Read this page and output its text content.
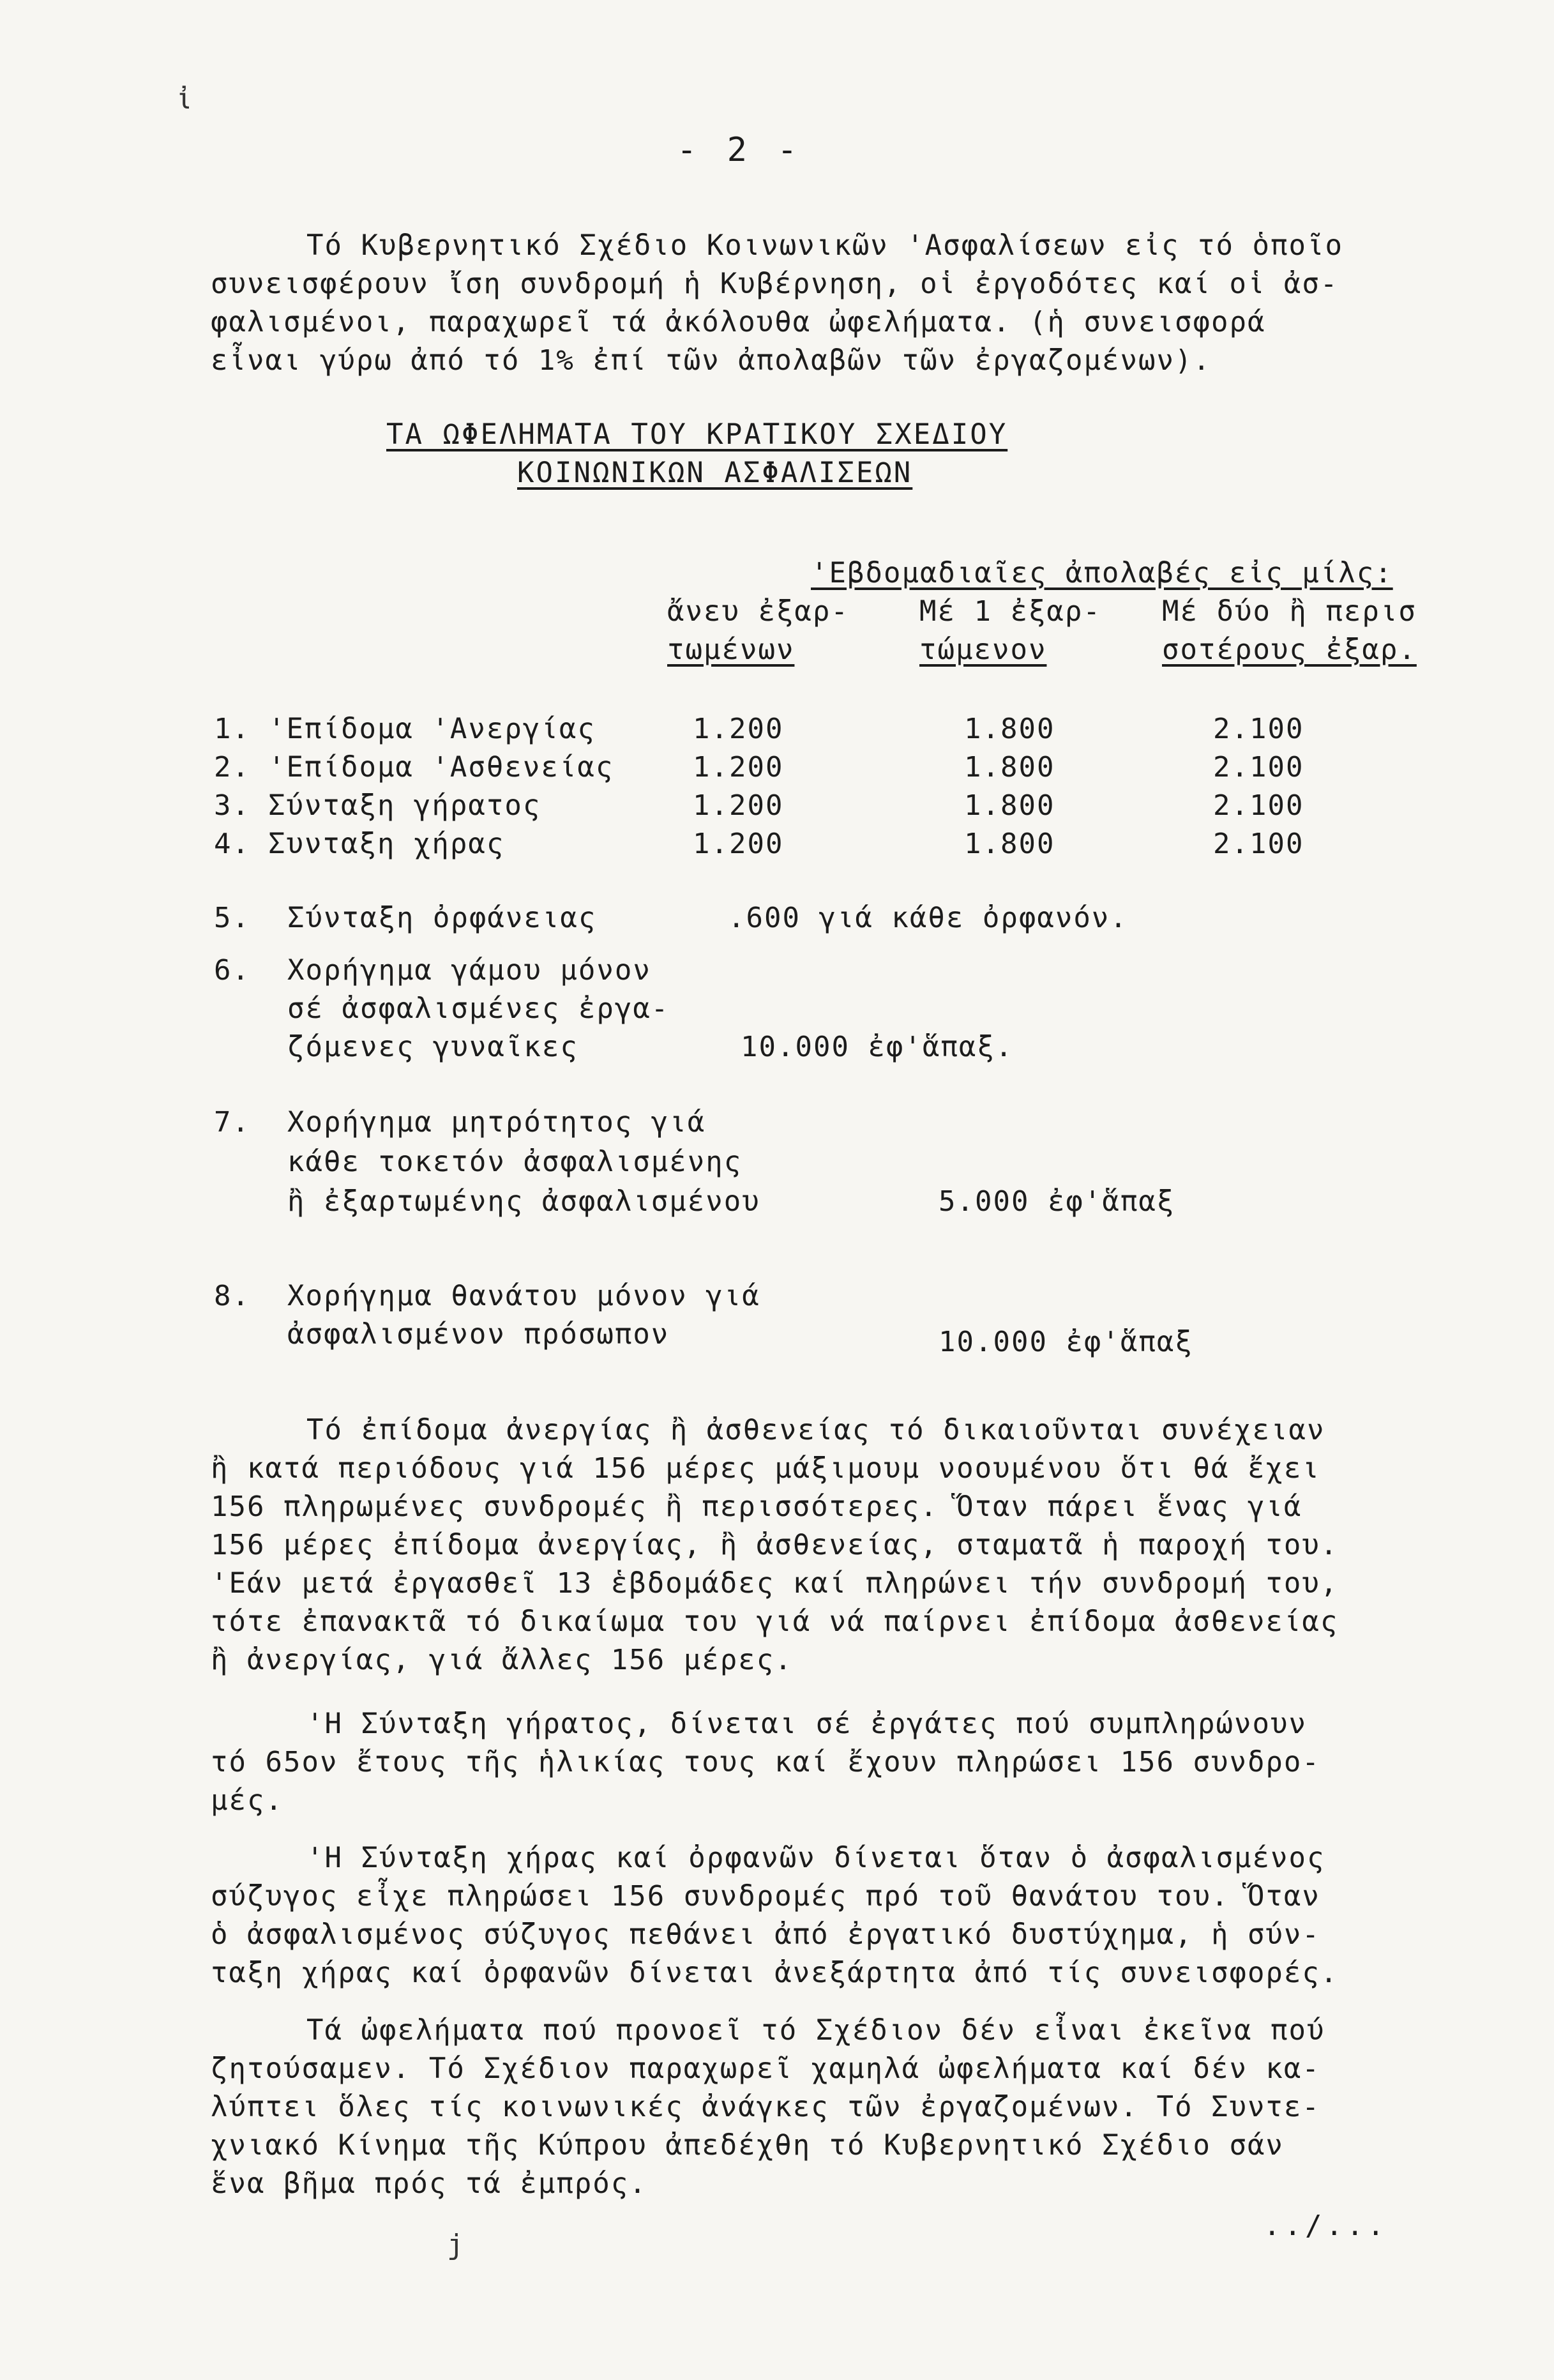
ἰ
- 2 -
Τό Κυβερνητικό Σχέδιο Κοινωνικῶν 'Ασφαλίσεων εἰς τό ὁποῖο
συνεισφέρουν ἴση συνδρομή ἡ Κυβέρνηση, οἱ ἐργοδότες καί οἱ ἀσ-
φαλισμένοι, παραχωρεῖ τά ἀκόλουθα ὠφελήματα. (ἡ συνεισφορά
εἶναι γύρω ἀπό τό 1% ἐπί τῶν ἀπολαβῶν τῶν ἐργαζομένων).
ΤΑ ΩΦΕΛΗΜΑΤΑ ΤΟΥ ΚΡΑΤΙΚΟΥ ΣΧΕΔΙΟΥ
ΚΟΙΝΩΝΙΚΩΝ ΑΣΦΑΛΙΣΕΩΝ
'Εβδομαδιαῖες ἀπολαβές εἰς μίλς:
ἄνευ ἐξαρ-
τωμένων
Μέ 1 ἐξαρ-
τώμενον
Μέ δύο ἢ περισ
σοτέρους ἐξαρ.
1. 'Επίδομα 'Ανεργίας	1.200	1.800	2.100
2. 'Επίδομα 'Ασθενείας	1.200	1.800	2.100
3. Σύνταξη γήρατος	1.200	1.800	2.100
4. Συνταξη χήρας	1.200	1.800	2.100
5. Σύνταξη ὀρφάνειας	.600 γιά κάθε ὀρφανόν.
6. Χορήγημα γάμου μόνον
σέ ἀσφαλισμένες ἐργα-
ζόμενες γυναῖκες	10.000 ἐφ'ἅπαξ.
7. Χορήγημα μητρότητος γιά
κάθε τοκετόν ἀσφαλισμένης
ἢ ἐξαρτωμένης ἀσφαλισμένου	5.000 ἐφ'ἅπαξ
8. Χορήγημα θανάτου μόνον γιά
ἀσφαλισμένον πρόσωπον	10.000 ἐφ'ἅπαξ
Τό ἐπίδομα ἀνεργίας ἢ ἀσθενείας τό δικαιοῦνται συνέχειαν
ἢ κατά περιόδους γιά 156 μέρες μάξιμουμ νοουμένου ὅτι θά ἔχει
156 πληρωμένες συνδρομές ἢ περισσότερες. Ὅταν πάρει ἕνας γιά
156 μέρες ἐπίδομα ἀνεργίας, ἢ ἀσθενείας, σταματᾶ ἡ παροχή του.
'Εάν μετά ἐργασθεῖ 13 ἑβδομάδες καί πληρώνει τήν συνδρομή του,
τότε ἐπανακτᾶ τό δικαίωμα του γιά νά παίρνει ἐπίδομα ἀσθενείας
ἢ ἀνεργίας, γιά ἄλλες 156 μέρες.
'Η Σύνταξη γήρατος, δίνεται σέ ἐργάτες πού συμπληρώνουν
τό 65ον ἔτους τῆς ἡλικίας τους καί ἔχουν πληρώσει 156 συνδρο-
μές.
'Η Σύνταξη χήρας καί ὀρφανῶν δίνεται ὅταν ὁ ἀσφαλισμένος
σύζυγος εἶχε πληρώσει 156 συνδρομές πρό τοῦ θανάτου του. Ὅταν
ὁ ἀσφαλισμένος σύζυγος πεθάνει ἀπό ἐργατικό δυστύχημα, ἡ σύν-
ταξη χήρας καί ὀρφανῶν δίνεται ἀνεξάρτητα ἀπό τίς συνεισφορές.
Τά ὠφελήματα πού προνοεῖ τό Σχέδιον δέν εἶναι ἐκεῖνα πού
ζητούσαμεν. Τό Σχέδιον παραχωρεῖ χαμηλά ὠφελήματα καί δέν κα-
λύπτει ὅλες τίς κοινωνικές ἀνάγκες τῶν ἐργαζομένων. Τό Συντε-
χνιακό Κίνημα τῆς Κύπρου ἀπεδέχθη τό Κυβερνητικό Σχέδιο σάν
ἕνα βῆμα πρός τά ἐμπρός.
../...
j
